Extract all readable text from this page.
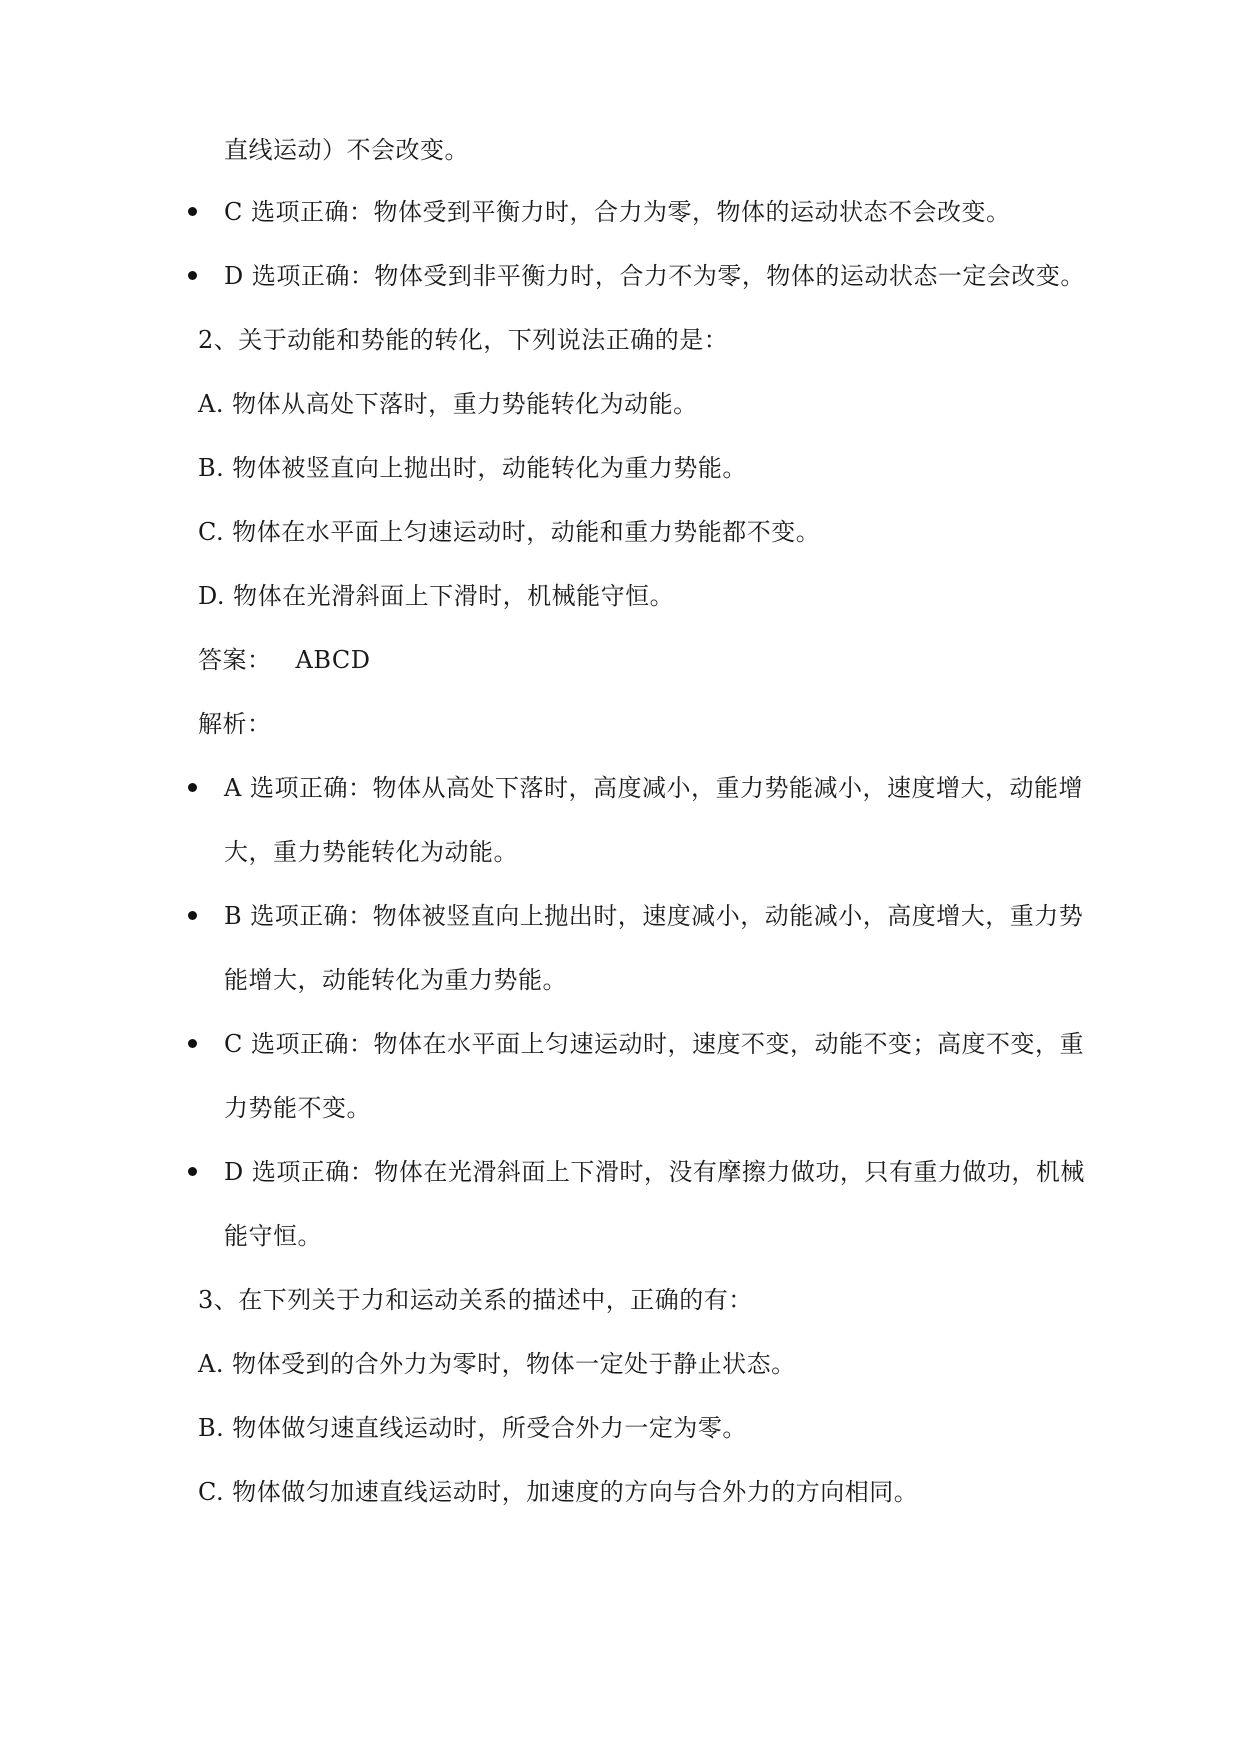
直线运动）不会改变。
C 选项正确：物体受到平衡力时，合力为零，物体的运动状态不会改变。
D 选项正确：物体受到非平衡力时，合力不为零，物体的运动状态一定会改变。
2、关于动能和势能的转化，下列说法正确的是：
A. 物体从高处下落时，重力势能转化为动能。
B. 物体被竖直向上抛出时，动能转化为重力势能。
C. 物体在水平面上匀速运动时，动能和重力势能都不变。
D. 物体在光滑斜面上下滑时，机械能守恒。
答案： ABCD
解析：
A 选项正确：物体从高处下落时，高度减小，重力势能减小，速度增大，动能增
大，重力势能转化为动能。
B 选项正确：物体被竖直向上抛出时，速度减小，动能减小，高度增大，重力势
能增大，动能转化为重力势能。
C 选项正确：物体在水平面上匀速运动时，速度不变，动能不变；高度不变，重
力势能不变。
D 选项正确：物体在光滑斜面上下滑时，没有摩擦力做功，只有重力做功，机械
能守恒。
3、在下列关于力和运动关系的描述中，正确的有：
A. 物体受到的合外力为零时，物体一定处于静止状态。
B. 物体做匀速直线运动时，所受合外力一定为零。
C. 物体做匀加速直线运动时，加速度的方向与合外力的方向相同。
